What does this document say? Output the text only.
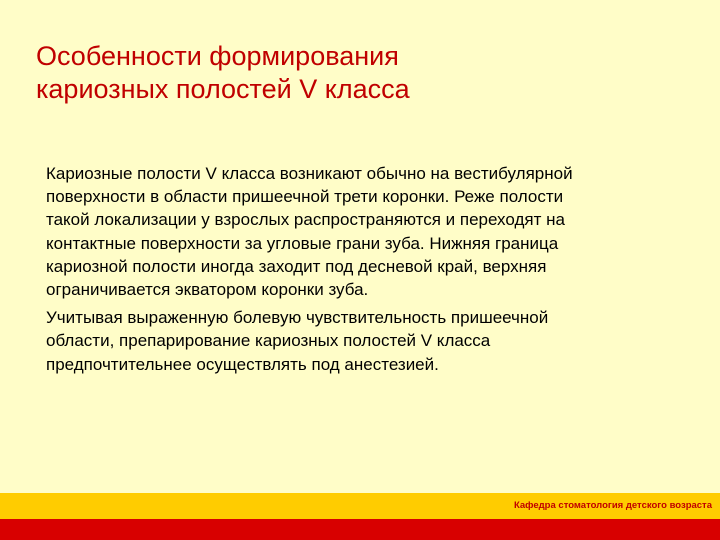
Особенности формирования
кариозных полостей V класса

Кариозные полости V класса возникают обычно на вестибулярной
поверхности в области пришеечной трети коронки. Реже полости
такой локализации у взрослых распространяются и переходят на
контактные поверхности за угловые грани зуба. Нижняя граница
кариозной полости иногда заходит под десневой край, верхняя
ограничивается экватором коронки зуба.

Учитывая выраженную болевую чувствительность пришеечной
области, препарирование кариозных полостей V класса
предпочтительнее осуществлять под анестезией.

Кафедра стоматология детского возраста
